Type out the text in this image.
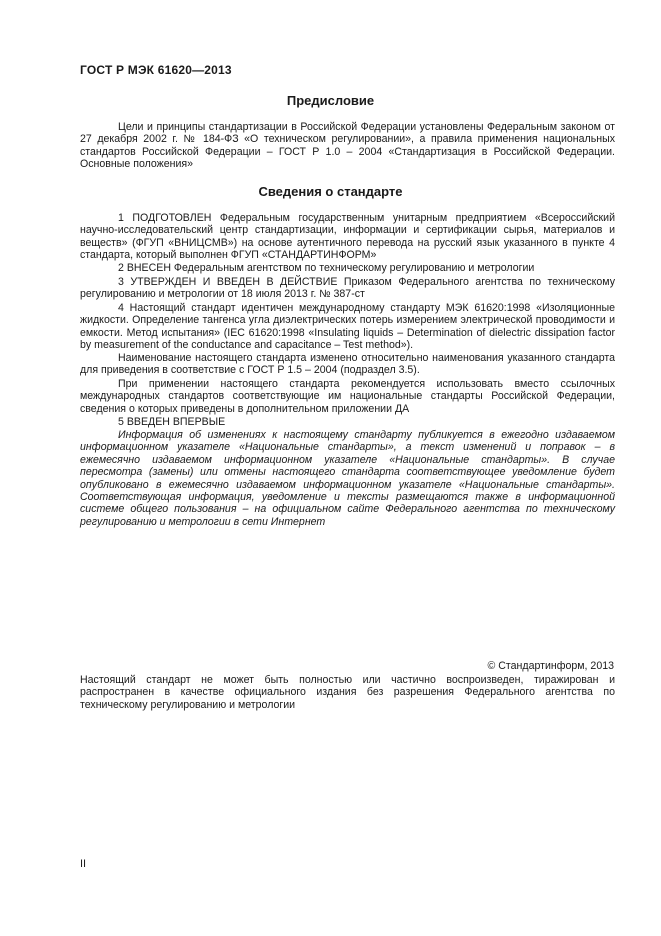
ГОСТ Р МЭК 61620—2013
Предисловие
Цели и принципы стандартизации в Российской Федерации установлены Федеральным законом от 27 декабря 2002 г. № 184-ФЗ «О техническом регулировании», а правила применения национальных стандартов Российской Федерации – ГОСТ Р 1.0 – 2004 «Стандартизация в Российской Федерации. Основные положения»
Сведения о стандарте
1 ПОДГОТОВЛЕН Федеральным государственным унитарным предприятием «Всероссийский научно-исследовательский центр стандартизации, информации и сертификации сырья, материалов и веществ» (ФГУП «ВНИЦСМВ») на основе аутентичного перевода на русский язык указанного в пункте 4 стандарта, который выполнен ФГУП «СТАНДАРТИНФОРМ»
2 ВНЕСЕН Федеральным агентством по техническому регулированию и метрологии
3 УТВЕРЖДЕН И ВВЕДЕН В ДЕЙСТВИЕ Приказом Федерального агентства по техническому регулированию и метрологии от 18 июля 2013 г. № 387-ст
4 Настоящий стандарт идентичен международному стандарту МЭК 61620:1998 «Изоляционные жидкости. Определение тангенса угла диэлектрических потерь измерением электрической проводимости и емкости. Метод испытания» (IEC 61620:1998 «Insulating liquids – Determination of dielectric dissipation factor by measurement of the conductance and capacitance – Test method»).
Наименование настоящего стандарта изменено относительно наименования указанного стандарта для приведения в соответствие с ГОСТ Р 1.5 – 2004 (подраздел 3.5).
При применении настоящего стандарта рекомендуется использовать вместо ссылочных международных стандартов соответствующие им национальные стандарты Российской Федерации, сведения о которых приведены в дополнительном приложении ДА
5 ВВЕДЕН ВПЕРВЫЕ
Информация об изменениях к настоящему стандарту публикуется в ежегодно издаваемом информационном указателе «Национальные стандарты», а текст изменений и поправок – в ежемесячно издаваемом информационном указателе «Национальные стандарты». В случае пересмотра (замены) или отмены настоящего стандарта соответствующее уведомление будет опубликовано в ежемесячно издаваемом информационном указателе «Национальные стандарты». Соответствующая информация, уведомление и тексты размещаются также в информационной системе общего пользования – на официальном сайте Федерального агентства по техническому регулированию и метрологии в сети Интернет
© Стандартинформ, 2013
Настоящий стандарт не может быть полностью или частично воспроизведен, тиражирован и распространен в качестве официального издания без разрешения Федерального агентства по техническому регулированию и метрологии
II
